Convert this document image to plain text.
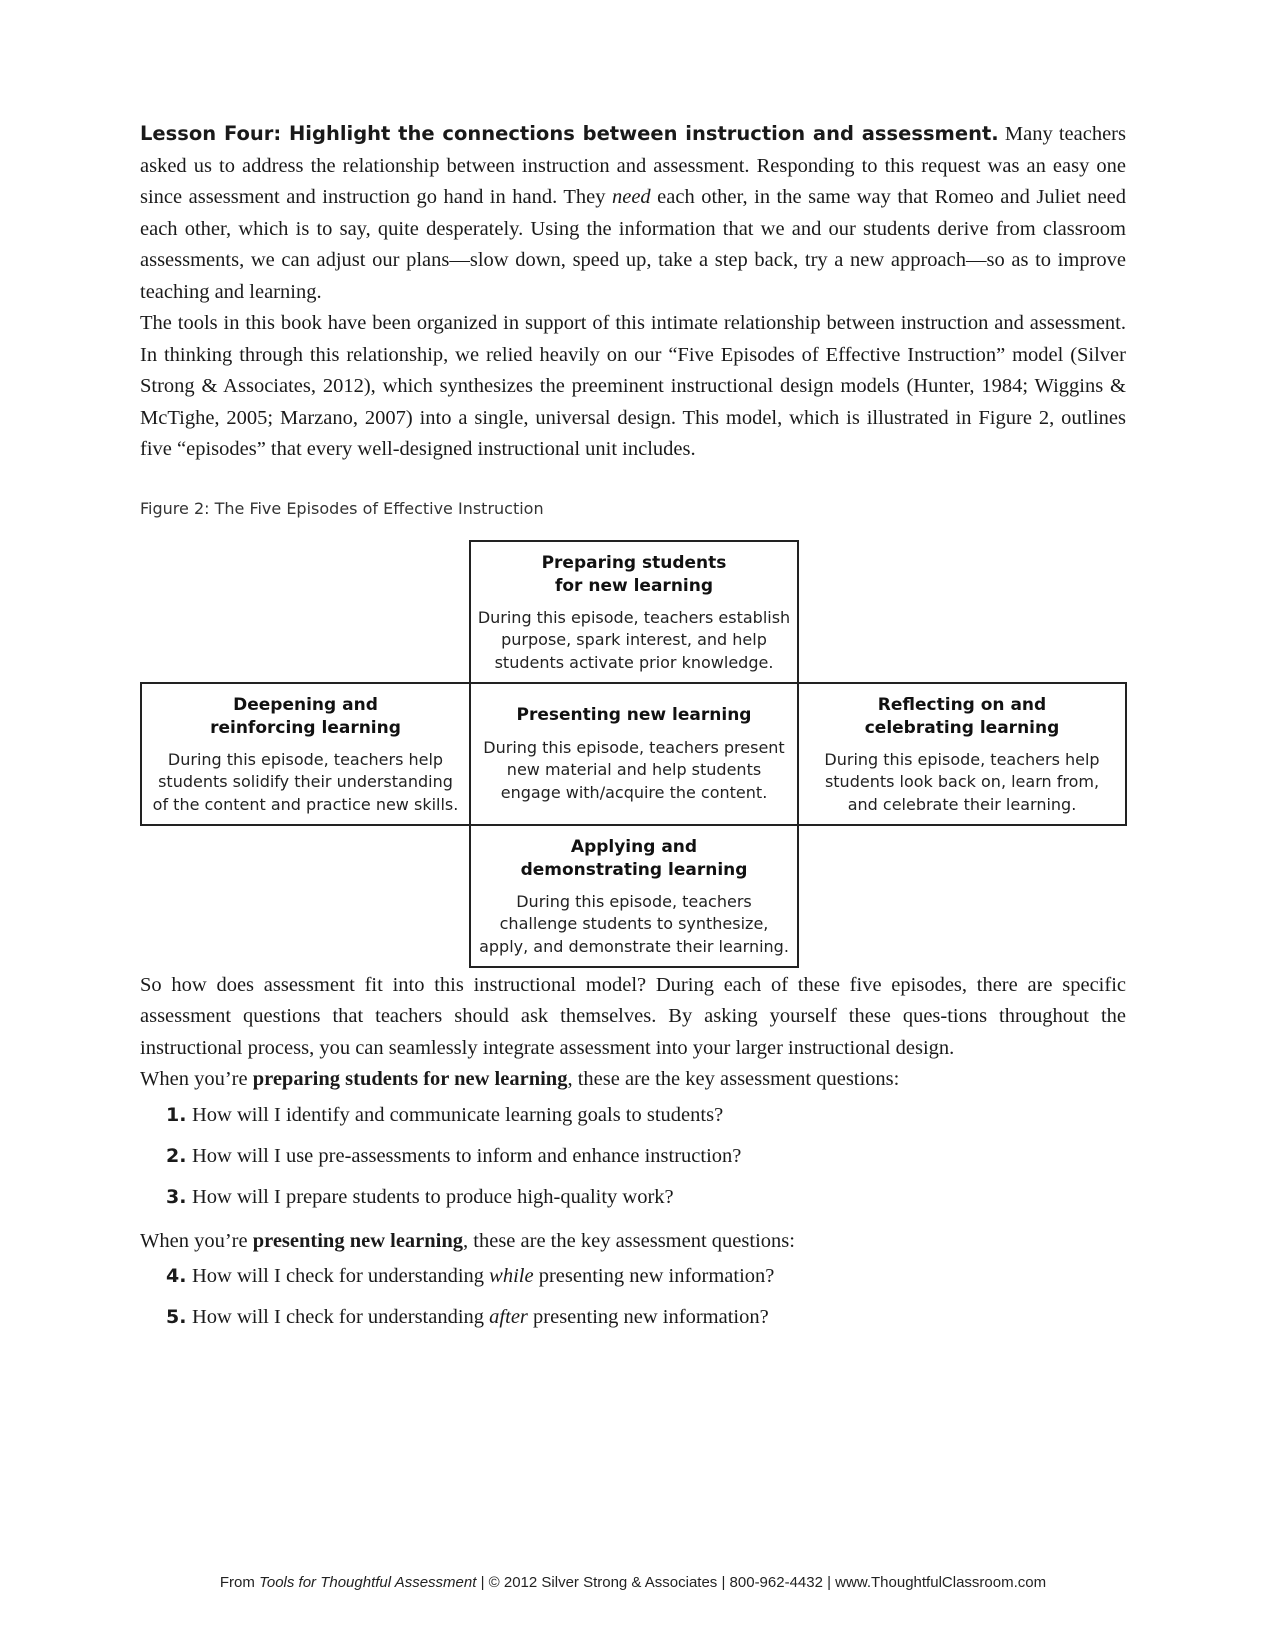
Lesson Four: Highlight the connections between instruction and assessment. Many teachers asked us to address the relationship between instruction and assessment. Responding to this request was an easy one since assessment and instruction go hand in hand. They need each other, in the same way that Romeo and Juliet need each other, which is to say, quite desperately. Using the information that we and our students derive from classroom assessments, we can adjust our plans—slow down, speed up, take a step back, try a new approach—so as to improve teaching and learning.

The tools in this book have been organized in support of this intimate relationship between instruction and assessment. In thinking through this relationship, we relied heavily on our “Five Episodes of Effective Instruction” model (Silver Strong & Associates, 2012), which synthesizes the preeminent instructional design models (Hunter, 1984; Wiggins & McTighe, 2005; Marzano, 2007) into a single, universal design. This model, which is illustrated in Figure 2, outlines five “episodes” that every well-designed instructional unit includes.

Figure 2: The Five Episodes of Effective Instruction
Preparing students
for new learning
During this episode, teachers establish
purpose, spark interest, and help
students activate prior knowledge.
Deepening and
reinforcing learning
During this episode, teachers help
students solidify their understanding
of the content and practice new skills.
Presenting new learning
During this episode, teachers present
new material and help students
engage with/acquire the content.
Reflecting on and
celebrating learning
During this episode, teachers help
students look back on, learn from,
and celebrate their learning.
Applying and
demonstrating learning
During this episode, teachers
challenge students to synthesize,
apply, and demonstrate their learning.

So how does assessment fit into this instructional model? During each of these five episodes, there are specific assessment questions that teachers should ask themselves. By asking yourself these ques-tions throughout the instructional process, you can seamlessly integrate assessment into your larger instructional design.

When you’re preparing students for new learning, these are the key assessment questions:

1. How will I identify and communicate learning goals to students?
2. How will I use pre-assessments to inform and enhance instruction?
3. How will I prepare students to produce high-quality work?

When you’re presenting new learning, these are the key assessment questions:

4. How will I check for understanding while presenting new information?
5. How will I check for understanding after presenting new information?
From Tools for Thoughtful Assessment | © 2012 Silver Strong & Associates | 800-962-4432 | www.ThoughtfulClassroom.com
